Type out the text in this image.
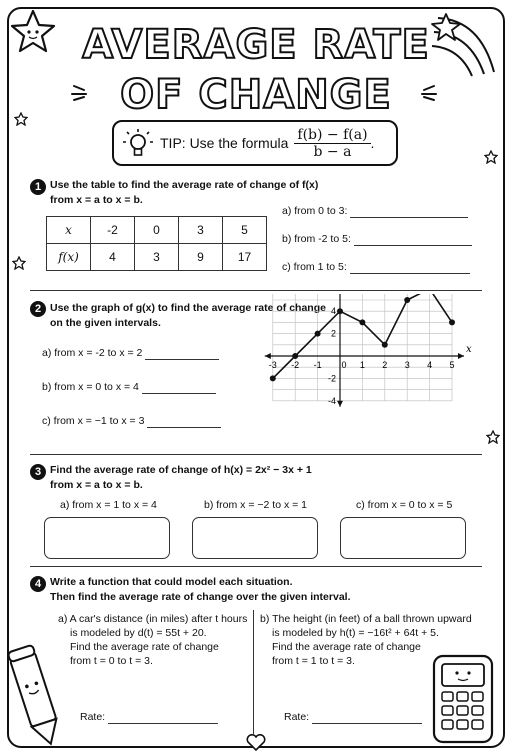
AVERAGE RATE
OF CHANGE
TIP:
Use the formula $\frac{f(b) - f(a)}{b - a}$ .
1 Use the table to find the average rate of change of f(x)
from x = a to x = b.
x	-2	0	3	5
f(x)	4	3	9	17
a) from 0 to 3:
b) from -2 to 5:
c) from 1 to 5:
2 Use the graph of g(x) to find the average rate of change
on the given intervals.
a) from x = -2 to x = 2
b) from x = 0 to x = 4
c) from x = −1 to x = 3
-3 -2 -1 0 1 2 3 4 5
4
2
-2
-4
x
3 Find the average rate of change of h(x) = 2x² − 3x + 1
from x = a to x = b.
a) from x = 1 to x = 4	b) from x = −2 to x = 1	c) from x = 0 to x = 5
4 Write a function that could model each situation.
Then find the average rate of change over the given interval.
a) A car's distance (in miles) after t hours
is modeled by d(t) = 55t + 20.
Find the average rate of change
from t = 0 to t = 3.
Rate:
b) The height (in feet) of a ball thrown upward
is modeled by h(t) = −16t² + 64t + 5.
Find the average rate of change
from t = 1 to t = 3.
Rate:
